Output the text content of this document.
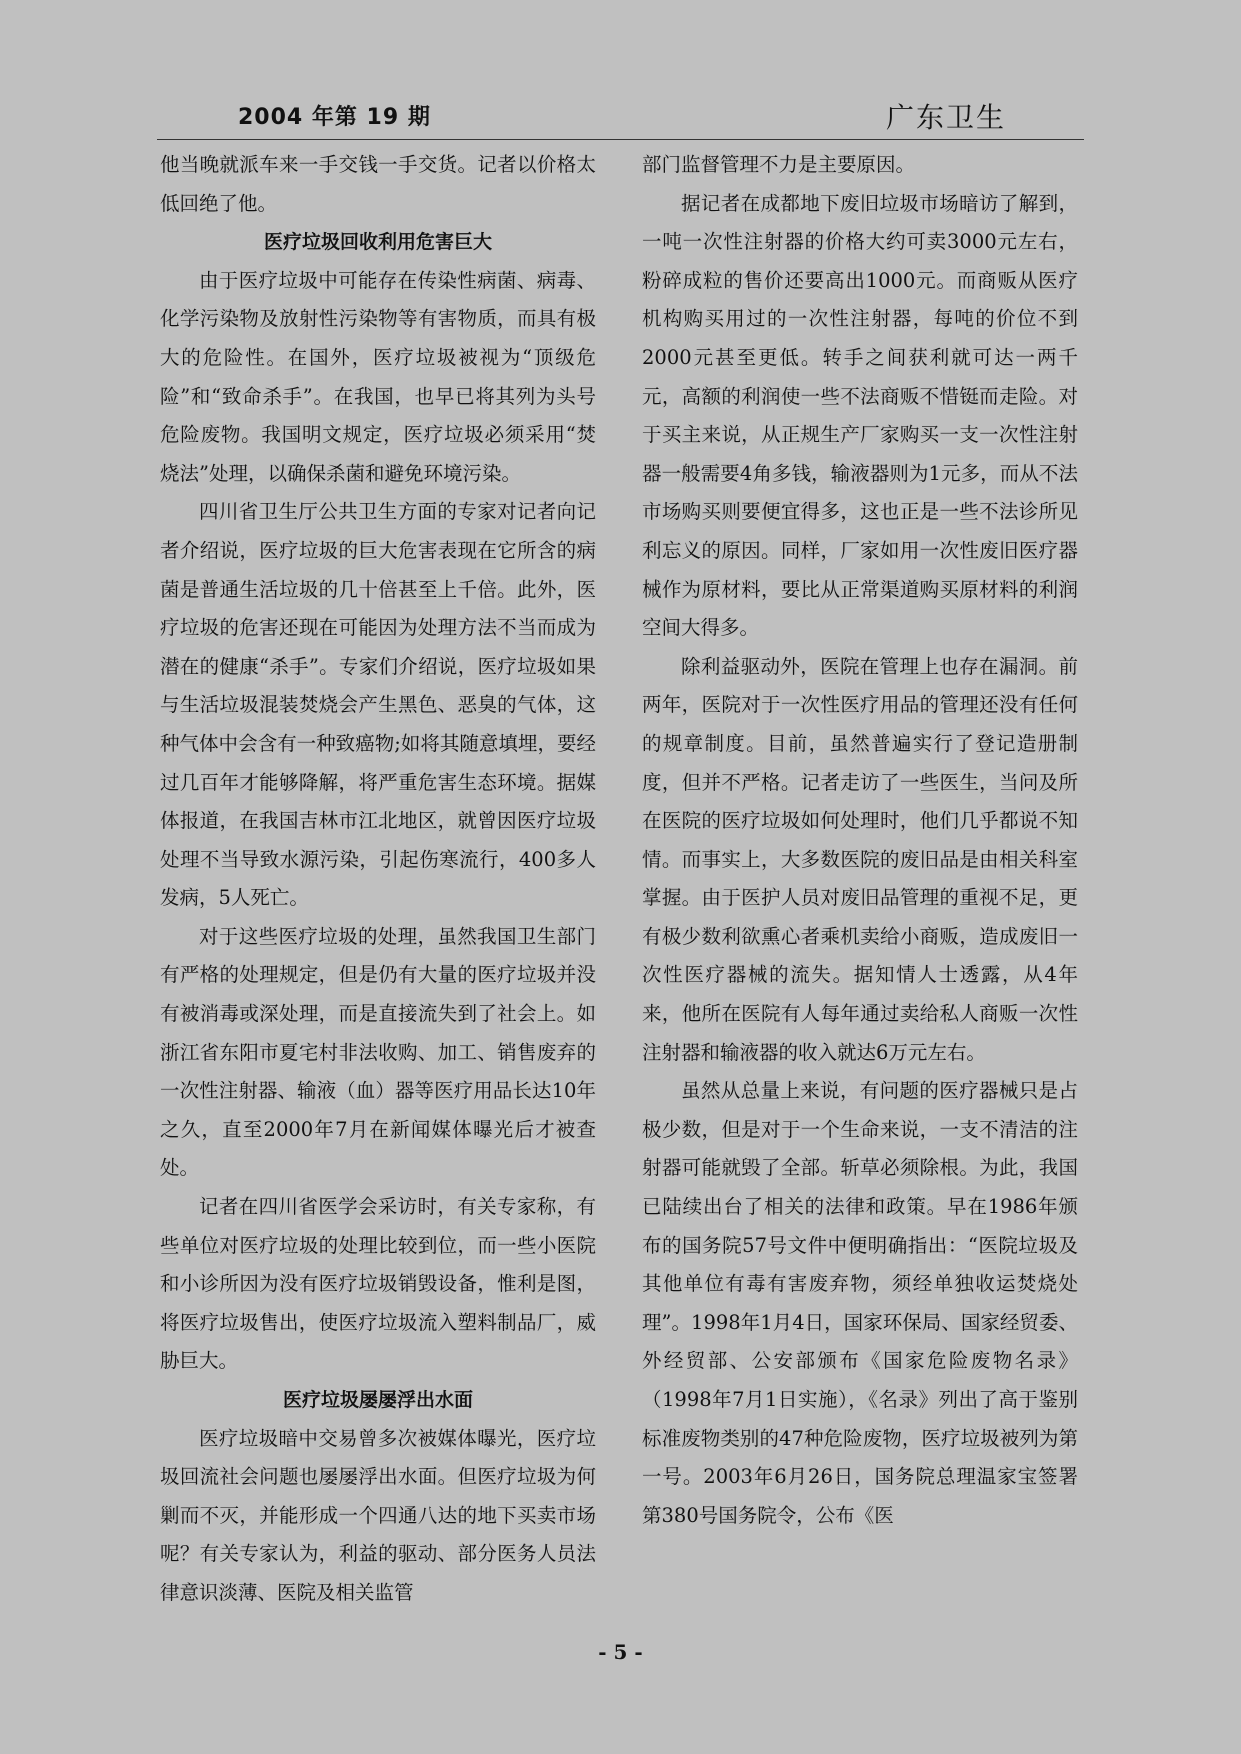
2004 年第 19 期	广东卫生

他当晚就派车来一手交钱一手交货。记者以价格太低回绝了他。

医疗垃圾回收利用危害巨大

由于医疗垃圾中可能存在传染性病菌、病毒、化学污染物及放射性污染物等有害物质，而具有极大的危险性。在国外，医疗垃圾被视为“顶级危险”和“致命杀手”。在我国，也早已将其列为头号危险废物。我国明文规定，医疗垃圾必须采用“焚烧法”处理，以确保杀菌和避免环境污染。

四川省卫生厅公共卫生方面的专家对记者向记者介绍说，医疗垃圾的巨大危害表现在它所含的病菌是普通生活垃圾的几十倍甚至上千倍。此外，医疗垃圾的危害还现在可能因为处理方法不当而成为潜在的健康“杀手”。专家们介绍说，医疗垃圾如果与生活垃圾混装焚烧会产生黑色、恶臭的气体，这种气体中会含有一种致癌物;如将其随意填埋，要经过几百年才能够降解，将严重危害生态环境。据媒体报道，在我国吉林市江北地区，就曾因医疗垃圾处理不当导致水源污染，引起伤寒流行，400多人发病，5人死亡。

对于这些医疗垃圾的处理，虽然我国卫生部门有严格的处理规定，但是仍有大量的医疗垃圾并没有被消毒或深处理，而是直接流失到了社会上。如浙江省东阳市夏宅村非法收购、加工、销售废弃的一次性注射器、输液（血）器等医疗用品长达10年之久，直至2000年7月在新闻媒体曝光后才被查处。

记者在四川省医学会采访时，有关专家称，有些单位对医疗垃圾的处理比较到位，而一些小医院和小诊所因为没有医疗垃圾销毁设备，惟利是图，将医疗垃圾售出，使医疗垃圾流入塑料制品厂，威胁巨大。

医疗垃圾屡屡浮出水面

医疗垃圾暗中交易曾多次被媒体曝光，医疗垃圾回流社会问题也屡屡浮出水面。但医疗垃圾为何剿而不灭，并能形成一个四通八达的地下买卖市场呢？有关专家认为，利益的驱动、部分医务人员法律意识淡薄、医院及相关监管

部门监督管理不力是主要原因。

据记者在成都地下废旧垃圾市场暗访了解到，一吨一次性注射器的价格大约可卖3000元左右，粉碎成粒的售价还要高出1000元。而商贩从医疗机构购买用过的一次性注射器，每吨的价位不到2000元甚至更低。转手之间获利就可达一两千元，高额的利润使一些不法商贩不惜铤而走险。对于买主来说，从正规生产厂家购买一支一次性注射器一般需要4角多钱，输液器则为1元多，而从不法市场购买则要便宜得多，这也正是一些不法诊所见利忘义的原因。同样，厂家如用一次性废旧医疗器械作为原材料，要比从正常渠道购买原材料的利润空间大得多。

除利益驱动外，医院在管理上也存在漏洞。前两年，医院对于一次性医疗用品的管理还没有任何的规章制度。目前，虽然普遍实行了登记造册制度，但并不严格。记者走访了一些医生，当问及所在医院的医疗垃圾如何处理时，他们几乎都说不知情。而事实上，大多数医院的废旧品是由相关科室掌握。由于医护人员对废旧品管理的重视不足，更有极少数利欲熏心者乘机卖给小商贩，造成废旧一次性医疗器械的流失。据知情人士透露，从4年来，他所在医院有人每年通过卖给私人商贩一次性注射器和输液器的收入就达6万元左右。

虽然从总量上来说，有问题的医疗器械只是占极少数，但是对于一个生命来说，一支不清洁的注射器可能就毁了全部。斩草必须除根。为此，我国已陆续出台了相关的法律和政策。早在1986年颁布的国务院57号文件中便明确指出：“医院垃圾及其他单位有毒有害废弃物，须经单独收运焚烧处理”。1998年1月4日，国家环保局、国家经贸委、外经贸部、公安部颁布《国家危险废物名录》（1998年7月1日实施），《名录》列出了高于鉴别标准废物类别的47种危险废物，医疗垃圾被列为第一号。2003年6月26日，国务院总理温家宝签署第380号国务院令，公布《医

- 5 -
